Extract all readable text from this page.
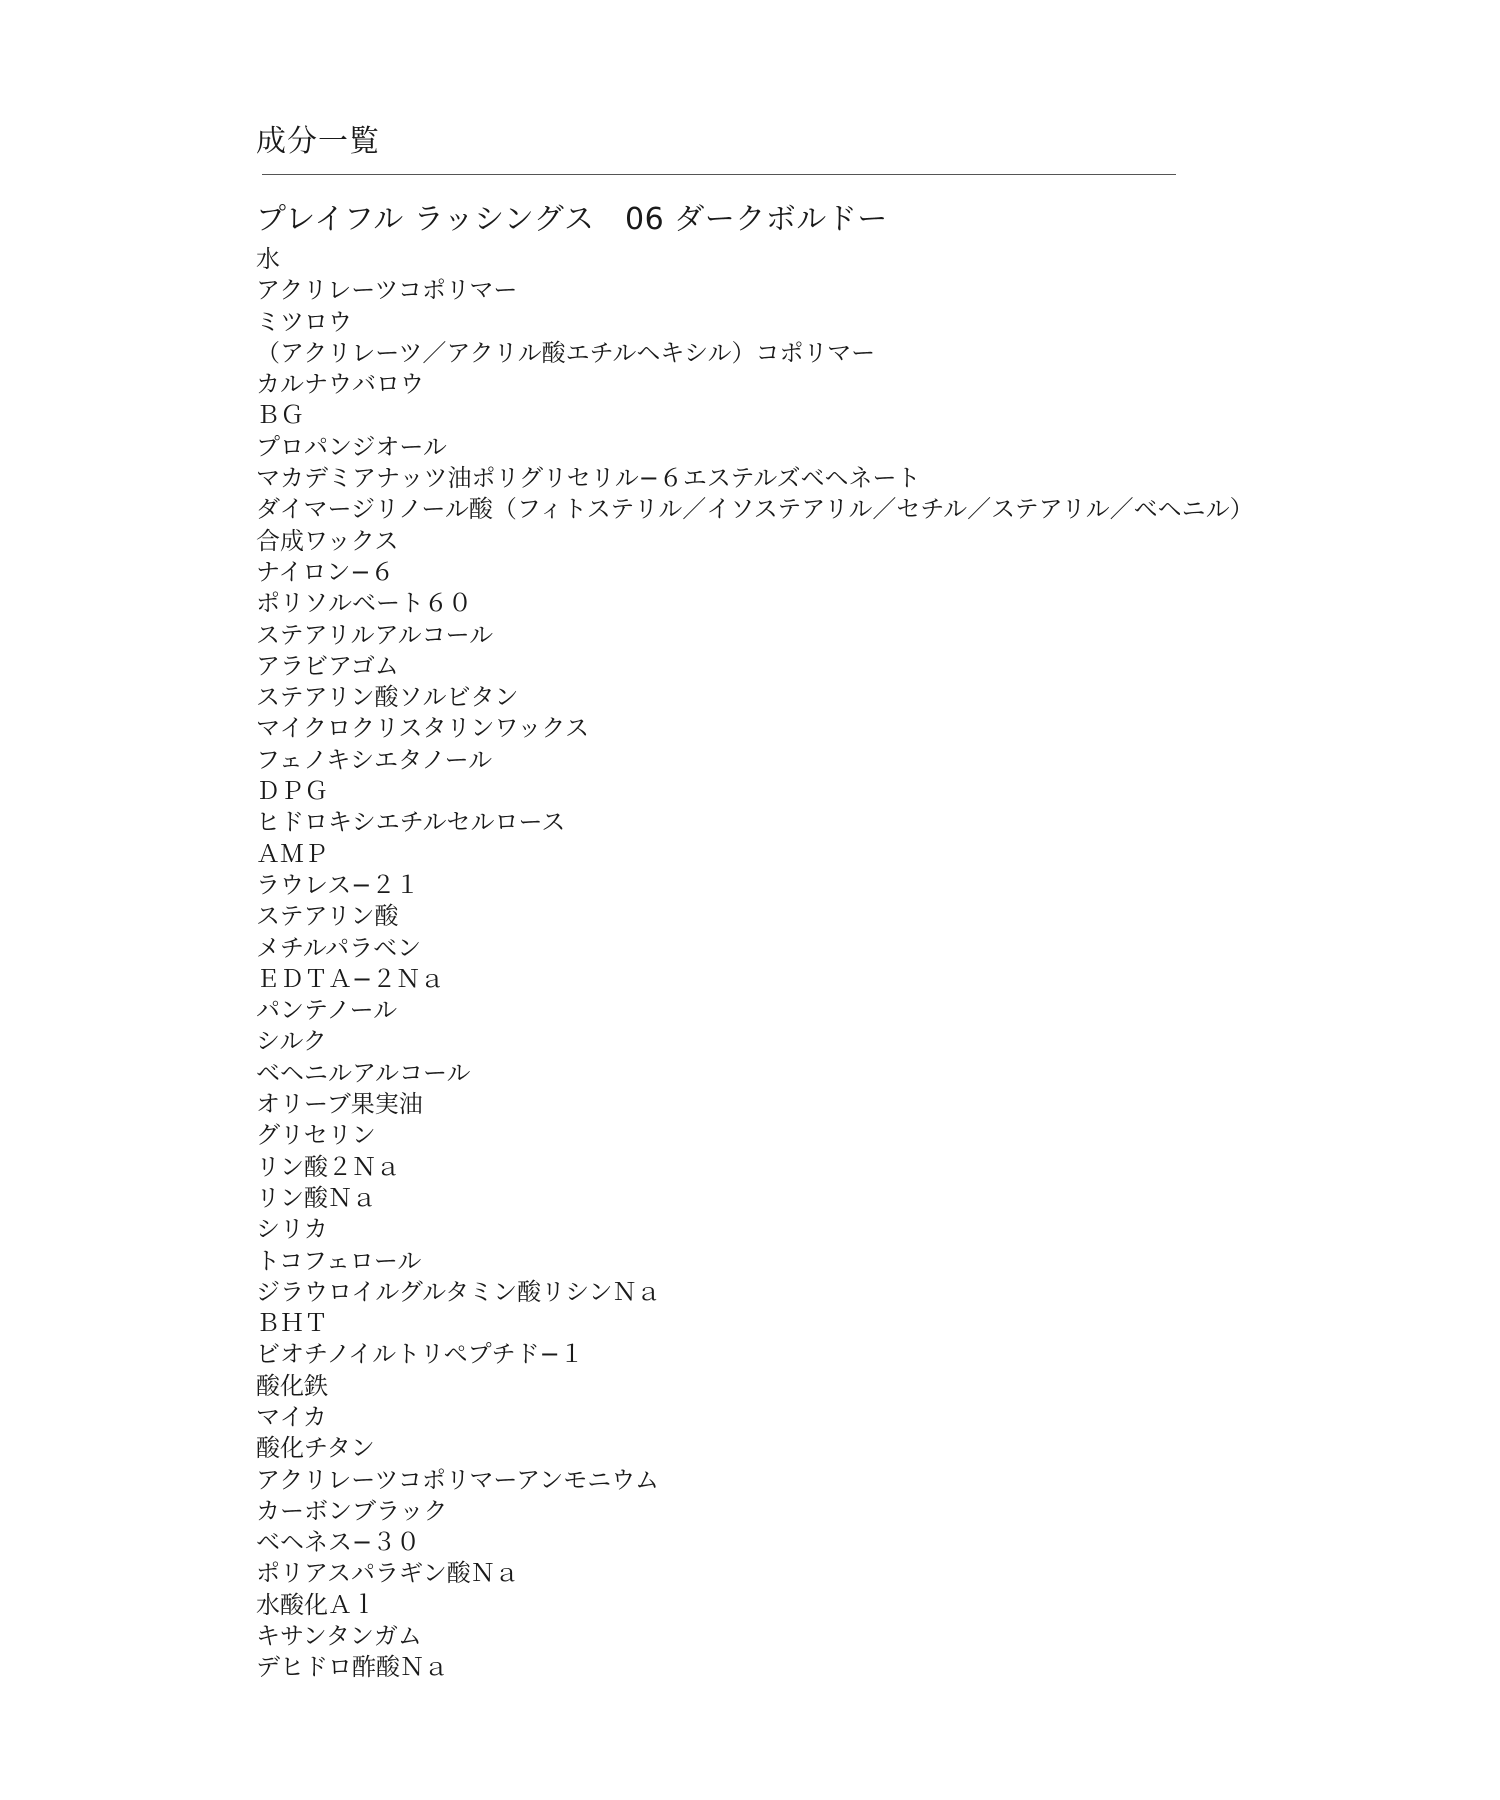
成分一覧
プレイフル ラッシングス　06 ダークボルドー
水
アクリレーツコポリマー
ミツロウ
（アクリレーツ／アクリル酸エチルヘキシル）コポリマー
カルナウバロウ
ＢＧ
プロパンジオール
マカデミアナッツ油ポリグリセリル−６エステルズベヘネート
ダイマージリノール酸（フィトステリル／イソステアリル／セチル／ステアリル／ベヘニル）
合成ワックス
ナイロン−６
ポリソルベート６０
ステアリルアルコール
アラビアゴム
ステアリン酸ソルビタン
マイクロクリスタリンワックス
フェノキシエタノール
ＤＰＧ
ヒドロキシエチルセルロース
ＡＭＰ
ラウレス−２１
ステアリン酸
メチルパラベン
ＥＤＴＡ−２Ｎａ
パンテノール
シルク
ベヘニルアルコール
オリーブ果実油
グリセリン
リン酸２Ｎａ
リン酸Ｎａ
シリカ
トコフェロール
ジラウロイルグルタミン酸リシンＮａ
ＢＨＴ
ビオチノイルトリペプチド−１
酸化鉄
マイカ
酸化チタン
アクリレーツコポリマーアンモニウム
カーボンブラック
ベヘネス−３０
ポリアスパラギン酸Ｎａ
水酸化Ａｌ
キサンタンガム
デヒドロ酢酸Ｎａ
